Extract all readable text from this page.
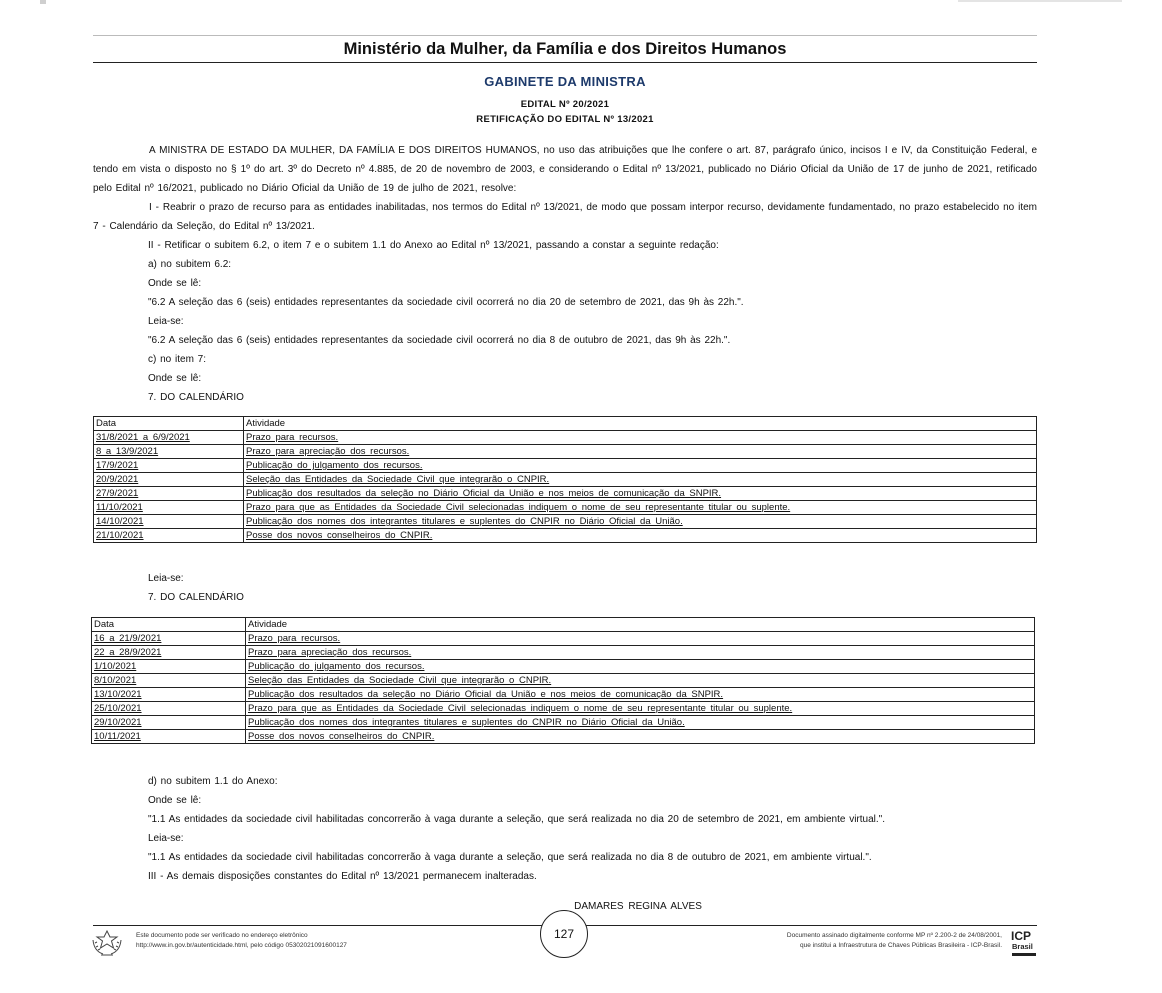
Ministério da Mulher, da Família e dos Direitos Humanos
GABINETE DA MINISTRA
EDITAL Nº 20/2021
RETIFICAÇÃO DO EDITAL Nº 13/2021

A MINISTRA DE ESTADO DA MULHER, DA FAMÍLIA E DOS DIREITOS HUMANOS, no uso das atribuições que lhe confere o art. 87, parágrafo único, incisos I e IV, da Constituição Federal, e tendo em vista o disposto no § 1º do art. 3º do Decreto nº 4.885, de 20 de novembro de 2003, e considerando o Edital nº 13/2021, publicado no Diário Oficial da União de 17 de junho de 2021, retificado pelo Edital nº 16/2021, publicado no Diário Oficial da União de 19 de julho de 2021, resolve:

I - Reabrir o prazo de recurso para as entidades inabilitadas, nos termos do Edital nº 13/2021, de modo que possam interpor recurso, devidamente fundamentado, no prazo estabelecido no item 7 - Calendário da Seleção, do Edital nº 13/2021.

II - Retificar o subitem 6.2, o item 7 e o subitem 1.1 do Anexo ao Edital nº 13/2021, passando a constar a seguinte redação:
a) no subitem 6.2:
Onde se lê:
"6.2 A seleção das 6 (seis) entidades representantes da sociedade civil ocorrerá no dia 20 de setembro de 2021, das 9h às 22h.".
Leia-se:
"6.2 A seleção das 6 (seis) entidades representantes da sociedade civil ocorrerá no dia 8 de outubro de 2021, das 9h às 22h.".
c) no item 7:
Onde se lê:
7. DO CALENDÁRIO
Data	Atividade
31/8/2021 a 6/9/2021	Prazo para recursos.
8 a 13/9/2021	Prazo para apreciação dos recursos.
17/9/2021	Publicação do julgamento dos recursos.
20/9/2021	Seleção das Entidades da Sociedade Civil que integrarão o CNPIR.
27/9/2021	Publicação dos resultados da seleção no Diário Oficial da União e nos meios de comunicação da SNPIR.
11/10/2021	Prazo para que as Entidades da Sociedade Civil selecionadas indiquem o nome de seu representante titular ou suplente.
14/10/2021	Publicação dos nomes dos integrantes titulares e suplentes do CNPIR no Diário Oficial da União.
21/10/2021	Posse dos novos conselheiros do CNPIR.
Leia-se:
7. DO CALENDÁRIO
Data	Atividade
16 a 21/9/2021	Prazo para recursos.
22 a 28/9/2021	Prazo para apreciação dos recursos.
1/10/2021	Publicação do julgamento dos recursos.
8/10/2021	Seleção das Entidades da Sociedade Civil que integrarão o CNPIR.
13/10/2021	Publicação dos resultados da seleção no Diário Oficial da União e nos meios de comunicação da SNPIR.
25/10/2021	Prazo para que as Entidades da Sociedade Civil selecionadas indiquem o nome de seu representante titular ou suplente.
29/10/2021	Publicação dos nomes dos integrantes titulares e suplentes do CNPIR no Diário Oficial da União.
10/11/2021	Posse dos novos conselheiros do CNPIR.
d) no subitem 1.1 do Anexo:
Onde se lê:
"1.1 As entidades da sociedade civil habilitadas concorrerão à vaga durante a seleção, que será realizada no dia 20 de setembro de 2021, em ambiente virtual.".
Leia-se:
"1.1 As entidades da sociedade civil habilitadas concorrerão à vaga durante a seleção, que será realizada no dia 8 de outubro de 2021, em ambiente virtual.".
III - As demais disposições constantes do Edital nº 13/2021 permanecem inalteradas.
DAMARES REGINA ALVES
Este documento pode ser verificado no endereço eletrônico
http://www.in.gov.br/autenticidade.html, pelo código 05302021091600127
127	Documento assinado digitalmente conforme MP nº 2.200-2 de 24/08/2001,
que institui a Infraestrutura de Chaves Públicas Brasileira - ICP-Brasil.
ICP
Brasil
